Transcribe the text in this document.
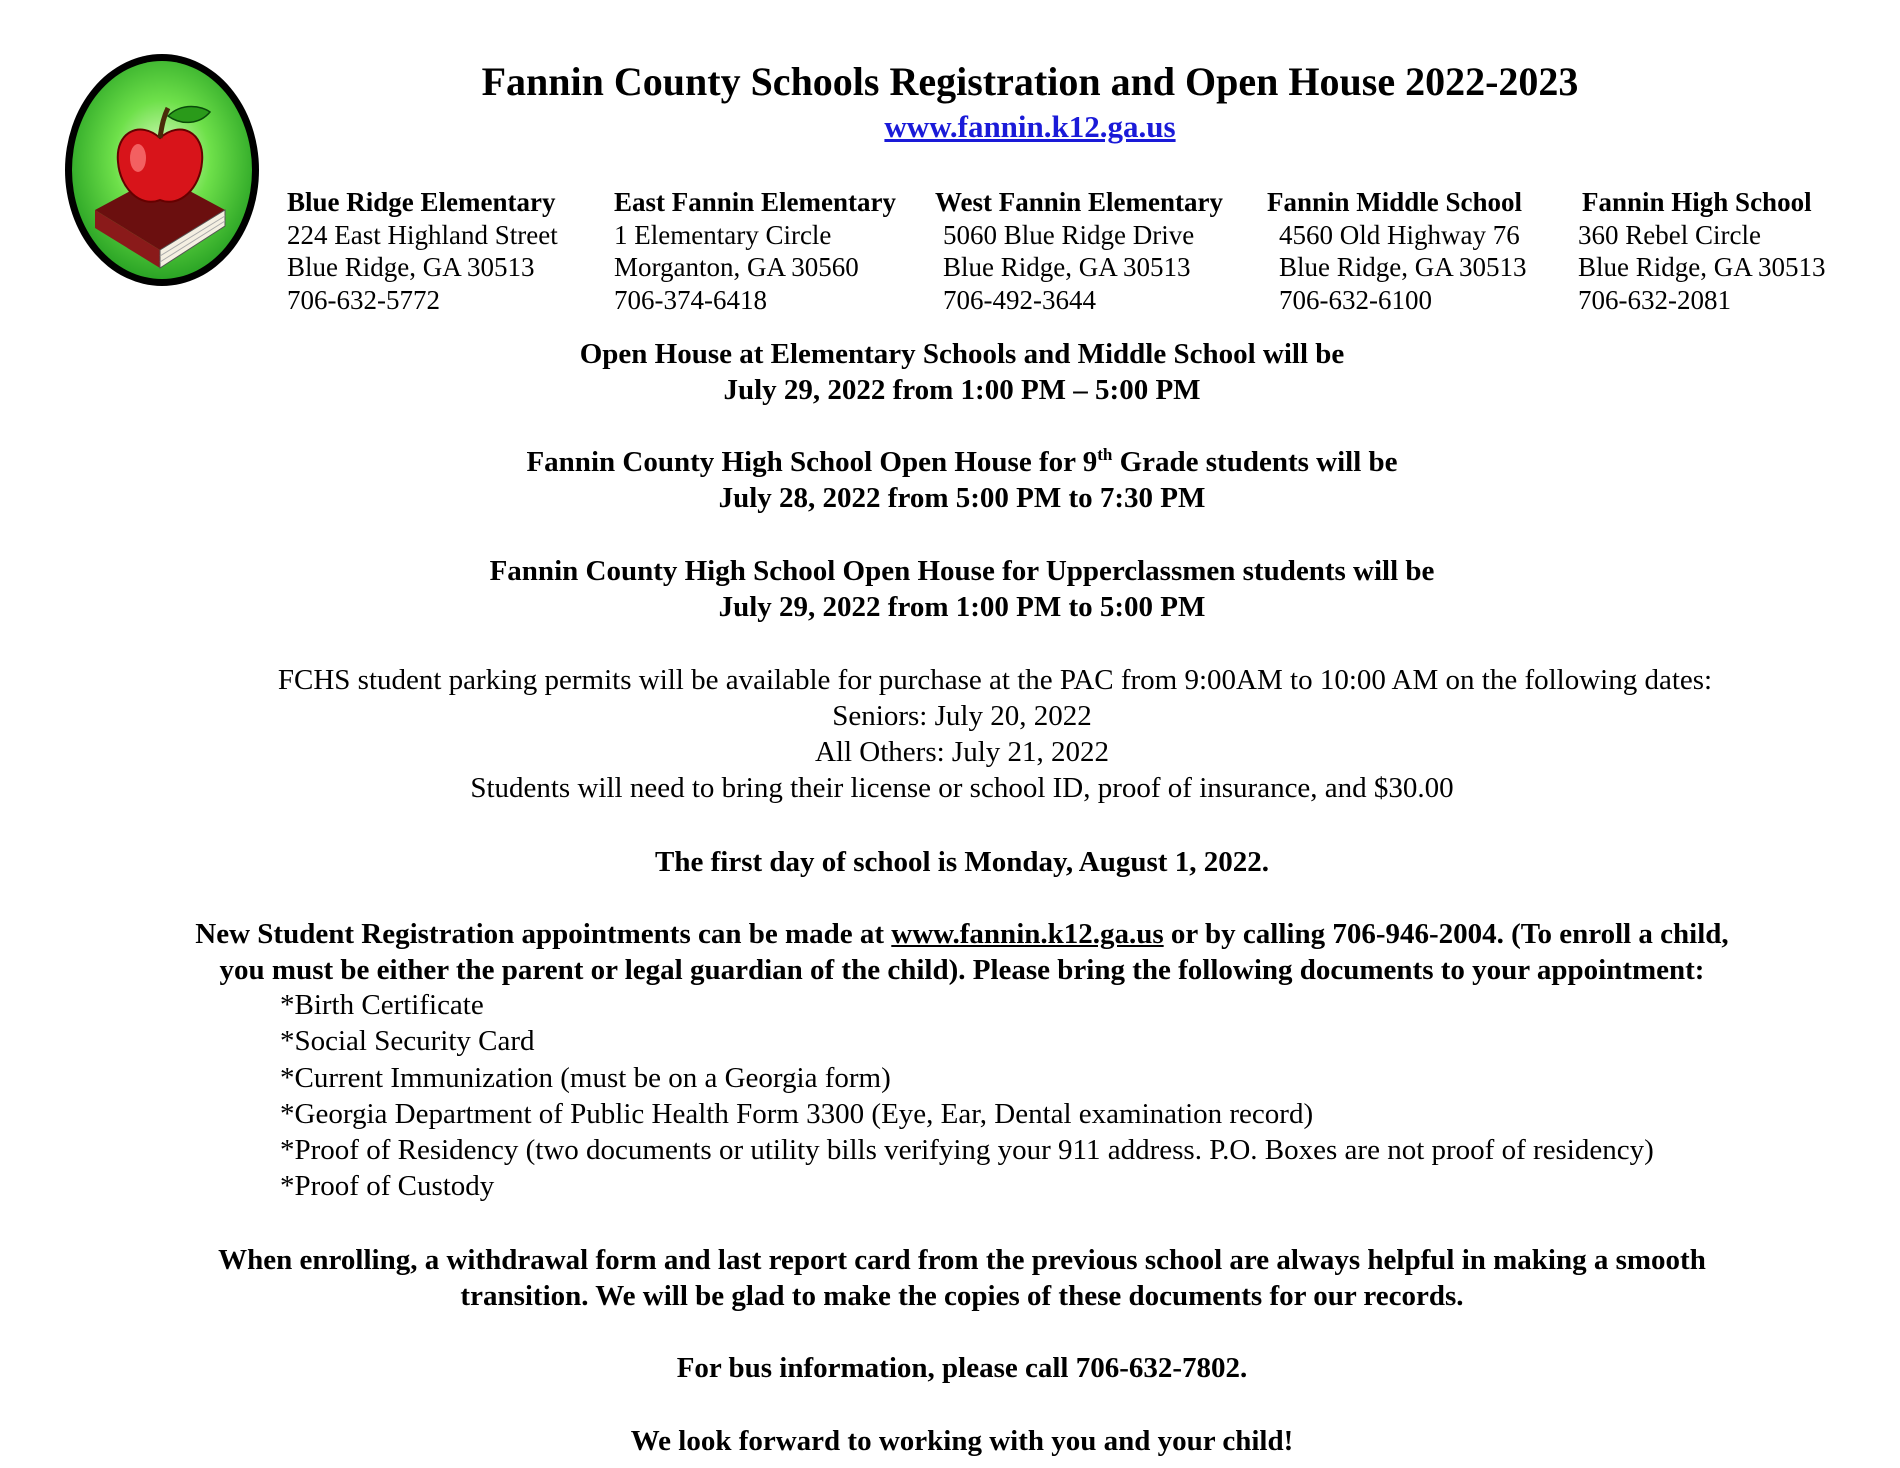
Fannin County Schools Registration and Open House 2022-2023
www.fannin.k12.ga.us
Blue Ridge Elementary
224 East Highland Street
Blue Ridge, GA 30513
706-632-5772
East Fannin Elementary
1 Elementary Circle
Morganton, GA 30560
706-374-6418
West Fannin Elementary
5060 Blue Ridge Drive
Blue Ridge, GA 30513
706-492-3644
Fannin Middle School
4560 Old Highway 76
Blue Ridge, GA 30513
706-632-6100
Fannin High School
360 Rebel Circle
Blue Ridge, GA 30513
706-632-2081
Open House at Elementary Schools and Middle School will be
July 29, 2022 from 1:00 PM – 5:00 PM
Fannin County High School Open House for 9th Grade students will be
July 28, 2022 from 5:00 PM to 7:30 PM
Fannin County High School Open House for Upperclassmen students will be
July 29, 2022 from 1:00 PM to 5:00 PM
FCHS student parking permits will be available for purchase at the PAC from 9:00AM to 10:00 AM on the following dates:
Seniors: July 20, 2022
All Others: July 21, 2022
Students will need to bring their license or school ID, proof of insurance, and $30.00
The first day of school is Monday, August 1, 2022.
New Student Registration appointments can be made at www.fannin.k12.ga.us or by calling 706-946-2004. (To enroll a child,
you must be either the parent or legal guardian of the child). Please bring the following documents to your appointment:
*Birth Certificate
*Social Security Card
*Current Immunization (must be on a Georgia form)
*Georgia Department of Public Health Form 3300 (Eye, Ear, Dental examination record)
*Proof of Residency (two documents or utility bills verifying your 911 address. P.O. Boxes are not proof of residency)
*Proof of Custody
When enrolling, a withdrawal form and last report card from the previous school are always helpful in making a smooth
transition. We will be glad to make the copies of these documents for our records.
For bus information, please call 706-632-7802.
We look forward to working with you and your child!
